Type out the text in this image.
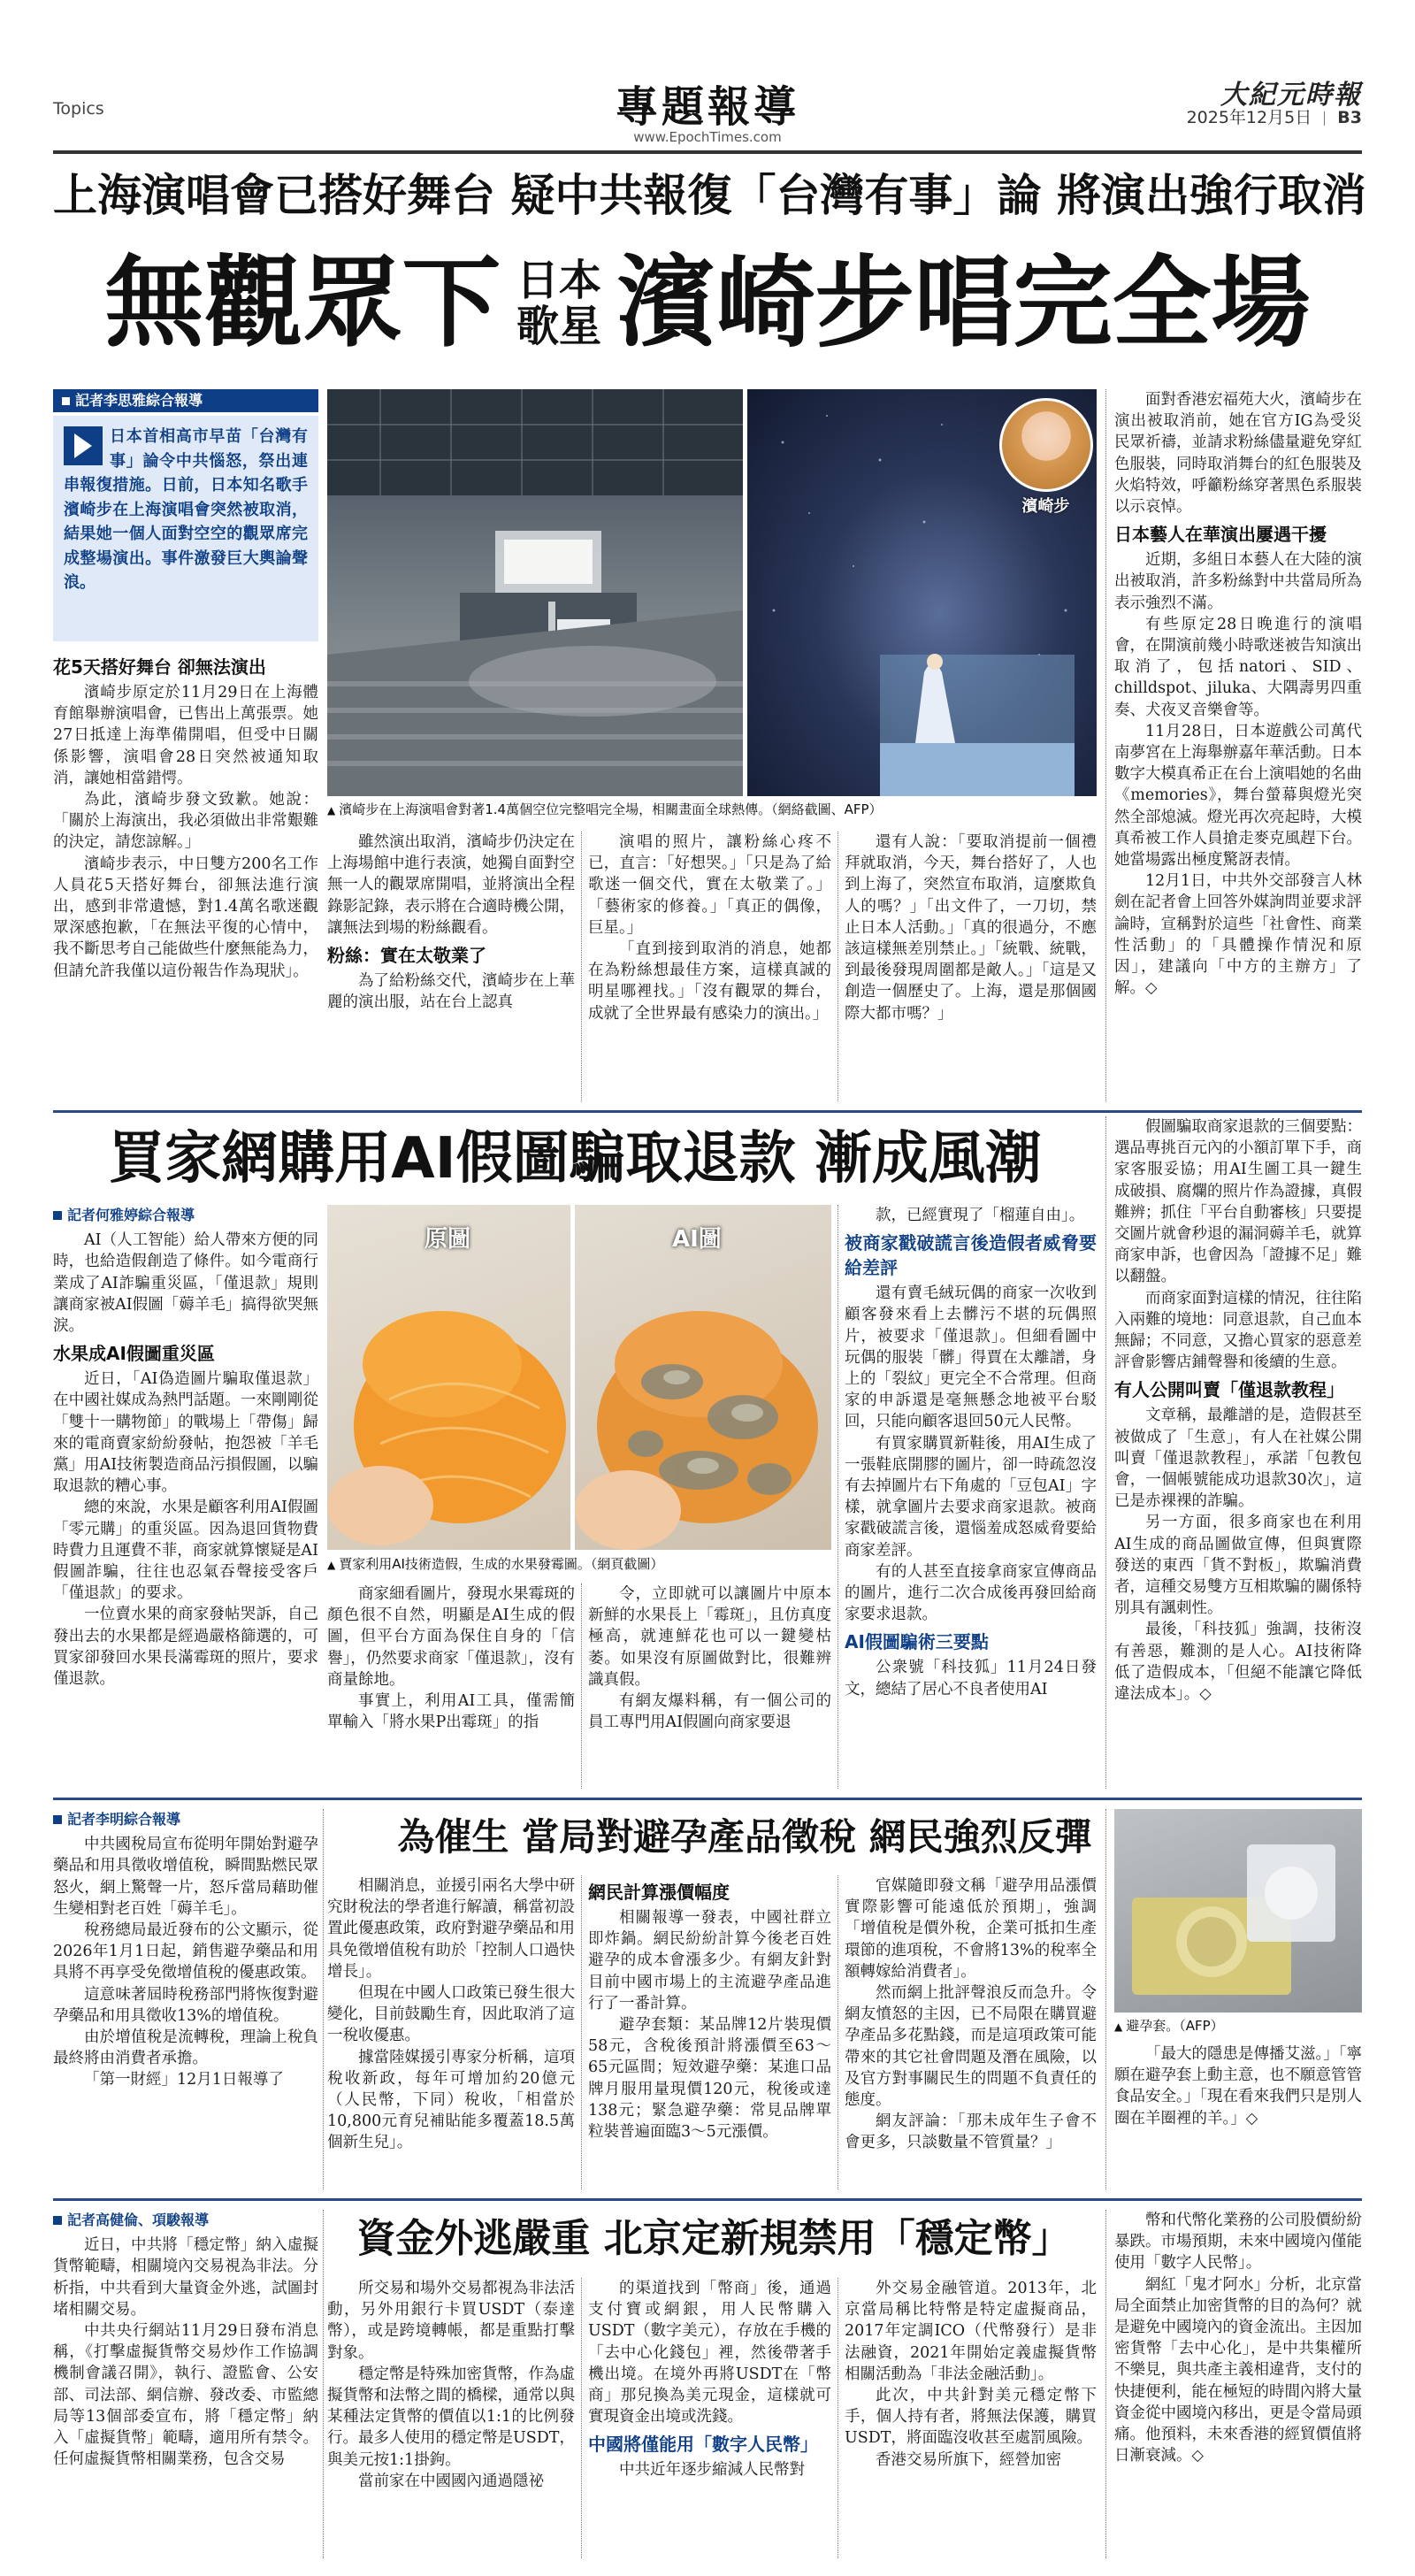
Topics	專題報導
www.EpochTimes.com
大紀元時報
2025年12月5日 B3
上海演唱會已搭好舞台 疑中共報復「台灣有事」論 將演出強行取消
無觀眾下 日本
歌星 濱崎步唱完全場
記者李思雅綜合報導
日本首相高市早苗「台灣有事」論令中共惱怒，祭出連串報復措施。日前，日本知名歌手濱崎步在上海演唱會突然被取消，結果她一個人面對空空的觀眾席完成整場演出。事件激發巨大輿論聲浪。
花5天搭好舞台 卻無法演出

濱崎步原定於11月29日在上海體育館舉辦演唱會，已售出上萬張票。她27日抵達上海準備開唱，但受中日關係影響，演唱會28日突然被通知取消，讓她相當錯愕。

為此，濱崎步發文致歉。她說：「關於上海演出，我必須做出非常艱難的決定，請您諒解。」

濱崎步表示，中日雙方200名工作人員花5天搭好舞台，卻無法進行演出，感到非常遺憾，對1.4萬名歌迷觀眾深感抱歉，「在無法平復的心情中，我不斷思考自己能做些什麼無能為力，但請允許我僅以這份報告作為現狀」。

濱崎步
▲ 濱崎步在上海演唱會對著1.4萬個空位完整唱完全場，相關畫面全球熱傳。（網絡截圖、AFP）

雖然演出取消，濱崎步仍決定在上海場館中進行表演，她獨自面對空無一人的觀眾席開唱，並將演出全程錄影記錄，表示將在合適時機公開，讓無法到場的粉絲觀看。

粉絲：實在太敬業了

為了給粉絲交代，濱崎步在上華麗的演出服，站在台上認真

演唱的照片，讓粉絲心疼不已，直言：「好想哭。」「只是為了給歌迷一個交代，實在太敬業了。」「藝術家的修養。」「真正的偶像，巨星。」

「直到接到取消的消息，她都在為粉絲想最佳方案，這樣真誠的明星哪裡找。」「沒有觀眾的舞台，成就了全世界最有感染力的演出。」

還有人說：「要取消提前一個禮拜就取消，今天，舞台搭好了，人也到上海了，突然宣布取消，這麼欺負人的嗎？」「出文件了，一刀切，禁止日本人活動。」「真的很過分，不應該這樣無差別禁止。」「統戰、統戰，到最後發現周圍都是敵人。」「這是又創造一個歷史了。上海，還是那個國際大都市嗎？」

面對香港宏福苑大火，濱崎步在演出被取消前，她在官方IG為受災民眾祈禱，並請求粉絲儘量避免穿紅色服裝，同時取消舞台的紅色服裝及火焰特效，呼籲粉絲穿著黑色系服裝以示哀悼。

日本藝人在華演出屢遇干擾

近期，多組日本藝人在大陸的演出被取消，許多粉絲對中共當局所為表示強烈不滿。

有些原定28日晚進行的演唱會，在開演前幾小時歌迷被告知演出取消了，包括natori、SID、chilldspot、jiluka、大隅壽男四重奏、犬夜叉音樂會等。

11月28日，日本遊戲公司萬代南夢宮在上海舉辦嘉年華活動。日本數字大模真希正在台上演唱她的名曲《memories》，舞台螢幕與燈光突然全部熄滅。燈光再次亮起時，大模真希被工作人員搶走麥克風趕下台。她當場露出極度驚訝表情。

12月1日，中共外交部發言人林劍在記者會上回答外媒詢問並要求評論時，宣稱對於這些「社會性、商業性活動」的「具體操作情況和原因」，建議向「中方的主辦方」了解。◇

買家網購用AI假圖騙取退款 漸成風潮
記者何雅婷綜合報導

AI（人工智能）給人帶來方便的同時，也給造假創造了條件。如今電商行業成了AI詐騙重災區，「僅退款」規則讓商家被AI假圖「薅羊毛」搞得欲哭無淚。

水果成AI假圖重災區

近日，「AI偽造圖片騙取僅退款」在中國社媒成為熱門話題。一來剛剛從「雙十一購物節」的戰場上「帶傷」歸來的電商賣家紛紛發帖，抱怨被「羊毛黨」用AI技術製造商品污損假圖，以騙取退款的糟心事。

總的來說，水果是顧客利用AI假圖「零元購」的重災區。因為退回貨物費時費力且運費不菲，商家就算懷疑是AI假圖詐騙，往往也忍氣吞聲接受客戶「僅退款」的要求。

一位賣水果的商家發帖哭訴，自己發出去的水果都是經過嚴格篩選的，可買家卻發回水果長滿霉斑的照片，要求僅退款。

原圖	AI圖
▲ 賈家利用AI技術造假，生成的水果發霉圖。（網頁截圖）

商家細看圖片，發現水果霉斑的顏色很不自然，明顯是AI生成的假圖，但平台方面為保住自身的「信譽」，仍然要求商家「僅退款」，沒有商量餘地。

事實上，利用AI工具，僅需簡單輸入「將水果P出霉斑」的指

令，立即就可以讓圖片中原本新鮮的水果長上「霉斑」，且仿真度極高，就連鮮花也可以一鍵變枯萎。如果沒有原圖做對比，很難辨識真假。

有網友爆料稱，有一個公司的員工專門用AI假圖向商家要退

款，已經實現了「榴蓮自由」。

被商家戳破謊言後造假者威脅要給差評

還有賣毛絨玩偶的商家一次收到顧客發來看上去髒污不堪的玩偶照片，被要求「僅退款」。但細看圖中玩偶的服裝「髒」得賈在太離譜，身上的「裂紋」更完全不合常理。但商家的申訴還是毫無懸念地被平台駁回，只能向顧客退回50元人民幣。

有買家購買新鞋後，用AI生成了一張鞋底開膠的圖片，卻一時疏忽沒有去掉圖片右下角處的「豆包AI」字樣，就拿圖片去要求商家退款。被商家戳破謊言後，還惱羞成怒威脅要給商家差評。

有的人甚至直接拿商家宣傳商品的圖片，進行二次合成後再發回給商家要求退款。

AI假圖騙術三要點

公衆號「科技狐」11月24日發文，總結了居心不良者使用AI

假圖騙取商家退款的三個要點：選品專挑百元內的小額訂單下手，商家客服妥協；用AI生圖工具一鍵生成破損、腐爛的照片作為證據，真假難辨；抓住「平台自動審核」只要提交圖片就會秒退的漏洞薅羊毛，就算商家申訴，也會因為「證據不足」難以翻盤。

而商家面對這樣的情況，往往陷入兩難的境地：同意退款，自己血本無歸；不同意，又擔心買家的惡意差評會影響店鋪聲譽和後續的生意。

有人公開叫賣「僅退款教程」

文章稱，最離譜的是，造假甚至被做成了「生意」，有人在社媒公開叫賣「僅退款教程」，承諾「包教包會，一個帳號能成功退款30次」，這已是赤裸裸的詐騙。

另一方面，很多商家也在利用AI生成的商品圖做宣傳，但與實際發送的東西「貨不對板」，欺騙消費者，這種交易雙方互相欺騙的關係特別具有諷刺性。

最後，「科技狐」強調，技術沒有善惡，難測的是人心。AI技術降低了造假成本，「但絕不能讓它降低違法成本」。◇

記者李明綜合報導

中共國稅局宣布從明年開始對避孕藥品和用具徵收增值稅，瞬間點燃民眾怒火，網上驚聲一片，怒斥當局藉助催生變相對老百姓「薅羊毛」。

稅務總局最近發布的公文顯示，從2026年1月1日起，銷售避孕藥品和用具將不再享受免徵增值稅的優惠政策。

這意味著屆時稅務部門將恢復對避孕藥品和用具徵收13%的增值稅。

由於增值稅是流轉稅，理論上稅負最終將由消費者承擔。

「第一財經」12月1日報導了

為催生 當局對避孕產品徵稅 網民強烈反彈

相關消息，並援引兩名大學中研究財稅法的學者進行解讀，稱當初設置此優惠政策，政府對避孕藥品和用具免徵增值稅有助於「控制人口過快增長」。

但現在中國人口政策已發生很大變化，目前鼓勵生育，因此取消了這一稅收優惠。

據當陸媒援引專家分析稱，這項稅收新政，每年可增加約20億元（人民幣，下同）稅收，「相當於10,800元育兒補貼能多覆蓋18.5萬個新生兒」。

網民計算漲價幅度

相關報導一發表，中國社群立即炸鍋。網民紛紛計算今後老百姓避孕的成本會漲多少。有網友針對目前中國市場上的主流避孕產品進行了一番計算。

避孕套類：某品牌12片裝現價58元，含稅後預計將漲價至63～65元區間；短效避孕藥：某進口品牌月服用量現價120元，稅後或達138元；緊急避孕藥：常見品牌單粒裝普遍面臨3～5元漲價。

官媒隨即發文稱「避孕用品漲價實際影響可能遠低於預期」，強調「增值稅是價外稅，企業可抵扣生產環節的進項稅，不會將13%的稅率全額轉嫁給消費者」。

然而網上批評聲浪反而急升。令網友憤怒的主因，已不局限在購買避孕產品多花點錢，而是這項政策可能帶來的其它社會問題及潛在風險，以及官方對事關民生的問題不負責任的態度。

網友評論：「那未成年生子會不會更多，只談數量不管質量？」

▲ 避孕套。（AFP）

「最大的隱患是傳播艾滋。」「寧願在避孕套上動主意，也不願意管管食品安全。」「現在看來我們只是別人圈在羊圈裡的羊。」◇

記者高健倫、項駿報導

近日，中共將「穩定幣」納入虛擬貨幣範疇，相關境內交易視為非法。分析指，中共看到大量資金外逃，試圖封堵相關交易。

中共央行網站11月29日發布消息稱，《打擊虛擬貨幣交易炒作工作協調機制會議召開》，執行、證監會、公安部、司法部、網信辦、發改委、市監總局等13個部委宣布，將「穩定幣」納入「虛擬貨幣」範疇，適用所有禁令。任何虛擬貨幣相關業務，包含交易

資金外逃嚴重 北京定新規禁用「穩定幣」

所交易和場外交易都視為非法活動，另外用銀行卡買USDT（泰達幣），或是跨境轉帳，都是重點打擊對象。

穩定幣是特殊加密貨幣，作為虛擬貨幣和法幣之間的橋樑，通常以與某種法定貨幣的價值以1:1的比例發行。最多人使用的穩定幣是USDT，與美元按1:1掛鉤。

當前家在中國國內通過隱祕

的渠道找到「幣商」後，通過支付寶或網銀，用人民幣購入USDT（數字美元），存放在手機的「去中心化錢包」裡，然後帶著手機出境。在境外再將USDT在「幣商」那兒換為美元現金，這樣就可實現資金出境或洗錢。

中國將僅能用「數字人民幣」

中共近年逐步縮減人民幣對

外交易金融管道。2013年，北京當局稱比特幣是特定虛擬商品，2017年定調ICO（代幣發行）是非法融資，2021年開始定義虛擬貨幣相關活動為「非法金融活動」。

此次，中共針對美元穩定幣下手，個人持有者，將無法保護，購買USDT，將面臨沒收甚至處罰風險。

香港交易所旗下，經營加密

幣和代幣化業務的公司股價紛紛暴跌。市場預期，未來中國境內僅能使用「數字人民幣」。

網紅「鬼才阿水」分析，北京當局全面禁止加密貨幣的目的為何？就是避免中國境內的資金流出。主因加密貨幣「去中心化」，是中共集權所不樂見，與共產主義相違背，支付的快捷便利，能在極短的時間內將大量資金從中國境內移出，更是令當局頭痛。他預料，未來香港的經貿價值將日漸衰減。◇
